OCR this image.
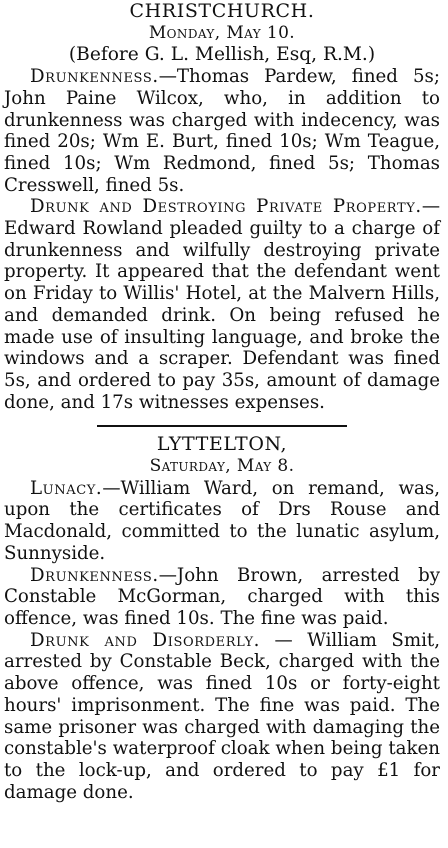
CHRISTCHURCH.
Monday, May 10.
(Before G. L. Mellish, Esq, R.M.)

Drunkenness.—Thomas Pardew, fined 5s; John Paine Wilcox, who, in addition to drunkenness was charged with indecency, was fined 20s; Wm E. Burt, fined 10s; Wm Teague, fined 10s; Wm Redmond, fined 5s; Thomas Cresswell, fined 5s.

Drunk and Destroying Private Property.—Edward Rowland pleaded guilty to a charge of drunkenness and wilfully destroying private property. It appeared that the defendant went on Friday to Willis' Hotel, at the Malvern Hills, and demanded drink. On being refused he made use of insulting language, and broke the windows and a scraper. Defendant was fined 5s, and ordered to pay 35s, amount of damage done, and 17s witnesses expenses.

LYTTELTON,
Saturday, May 8.

Lunacy.—William Ward, on remand, was, upon the certificates of Drs Rouse and Macdonald, committed to the lunatic asylum, Sunnyside.

Drunkenness.—John Brown, arrested by Constable McGorman, charged with this offence, was fined 10s. The fine was paid.

Drunk and Disorderly. — William Smit, arrested by Constable Beck, charged with the above offence, was fined 10s or forty-eight hours' imprisonment. The fine was paid. The same prisoner was charged with damaging the constable's waterproof cloak when being taken to the lock-up, and ordered to pay £1 for damage done.
